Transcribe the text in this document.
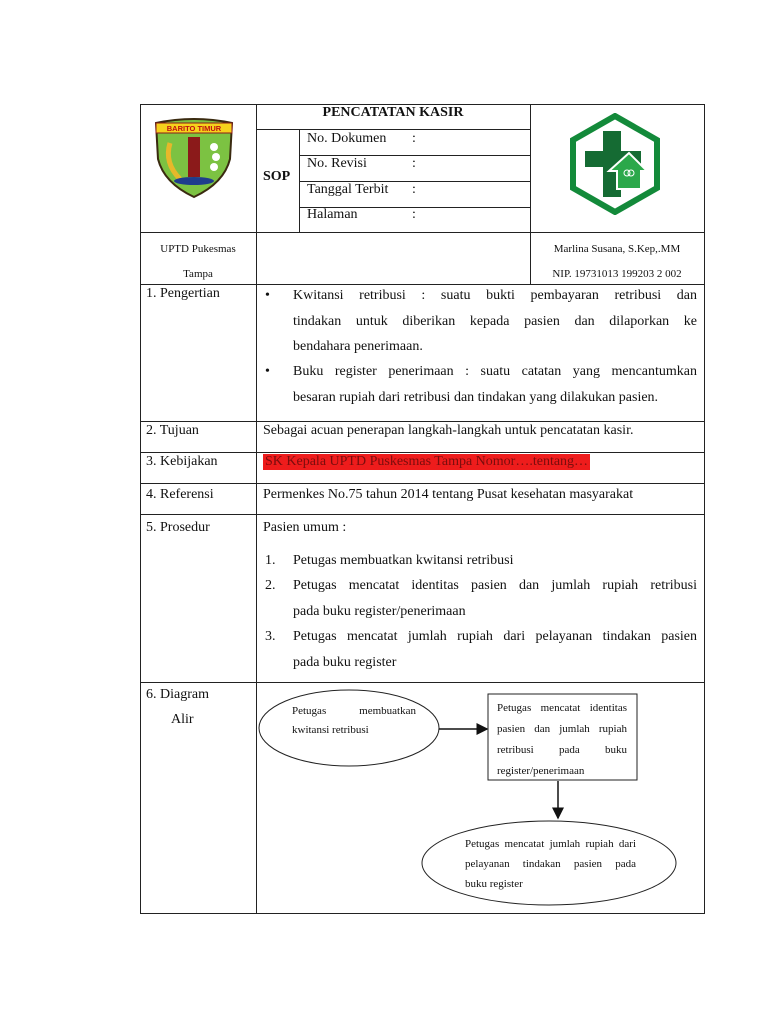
BARITO TIMUR
PENCATATAN KASIR
SOP
No. Dokumen :
No. Revisi	:
Tanggal Terbit :
Halaman	:
UPTD Pukesmas
Tampa
Marlina Susana, S.Kep,.MM
NIP. 19731013 199203 2 002
1. Pengertian	• Kwitansi retribusi : suatu bukti pembayaran retribusi dan
tindakan untuk diberikan kepada pasien dan dilaporkan ke
bendahara penerimaan.
• Buku register penerimaan : suatu catatan yang mencantumkan
besaran rupiah dari retribusi dan tindakan yang dilakukan pasien.
2. Tujuan	Sebagai acuan penerapan langkah-langkah untuk pencatatan kasir.
3. Kebijakan	SK Kepala UPTD Puskesmas Tampa Nomor….tentang…
4. Referensi	Permenkes No.75 tahun 2014 tentang Pusat kesehatan masyarakat
5. Prosedur	Pasien umum :
1. Petugas membuatkan kwitansi retribusi
2. Petugas mencatat identitas pasien dan jumlah rupiah retribusi
pada buku register/penerimaan
3. Petugas mencatat jumlah rupiah dari pelayanan tindakan pasien
pada buku register
6. Diagram
Alir
Petugas membuatkan
kwitansi retribusi
Petugas mencatat identitas
pasien dan jumlah rupiah
retribusi pada buku
register/penerimaan
Petugas mencatat jumlah rupiah dari
pelayanan tindakan pasien pada
buku register
